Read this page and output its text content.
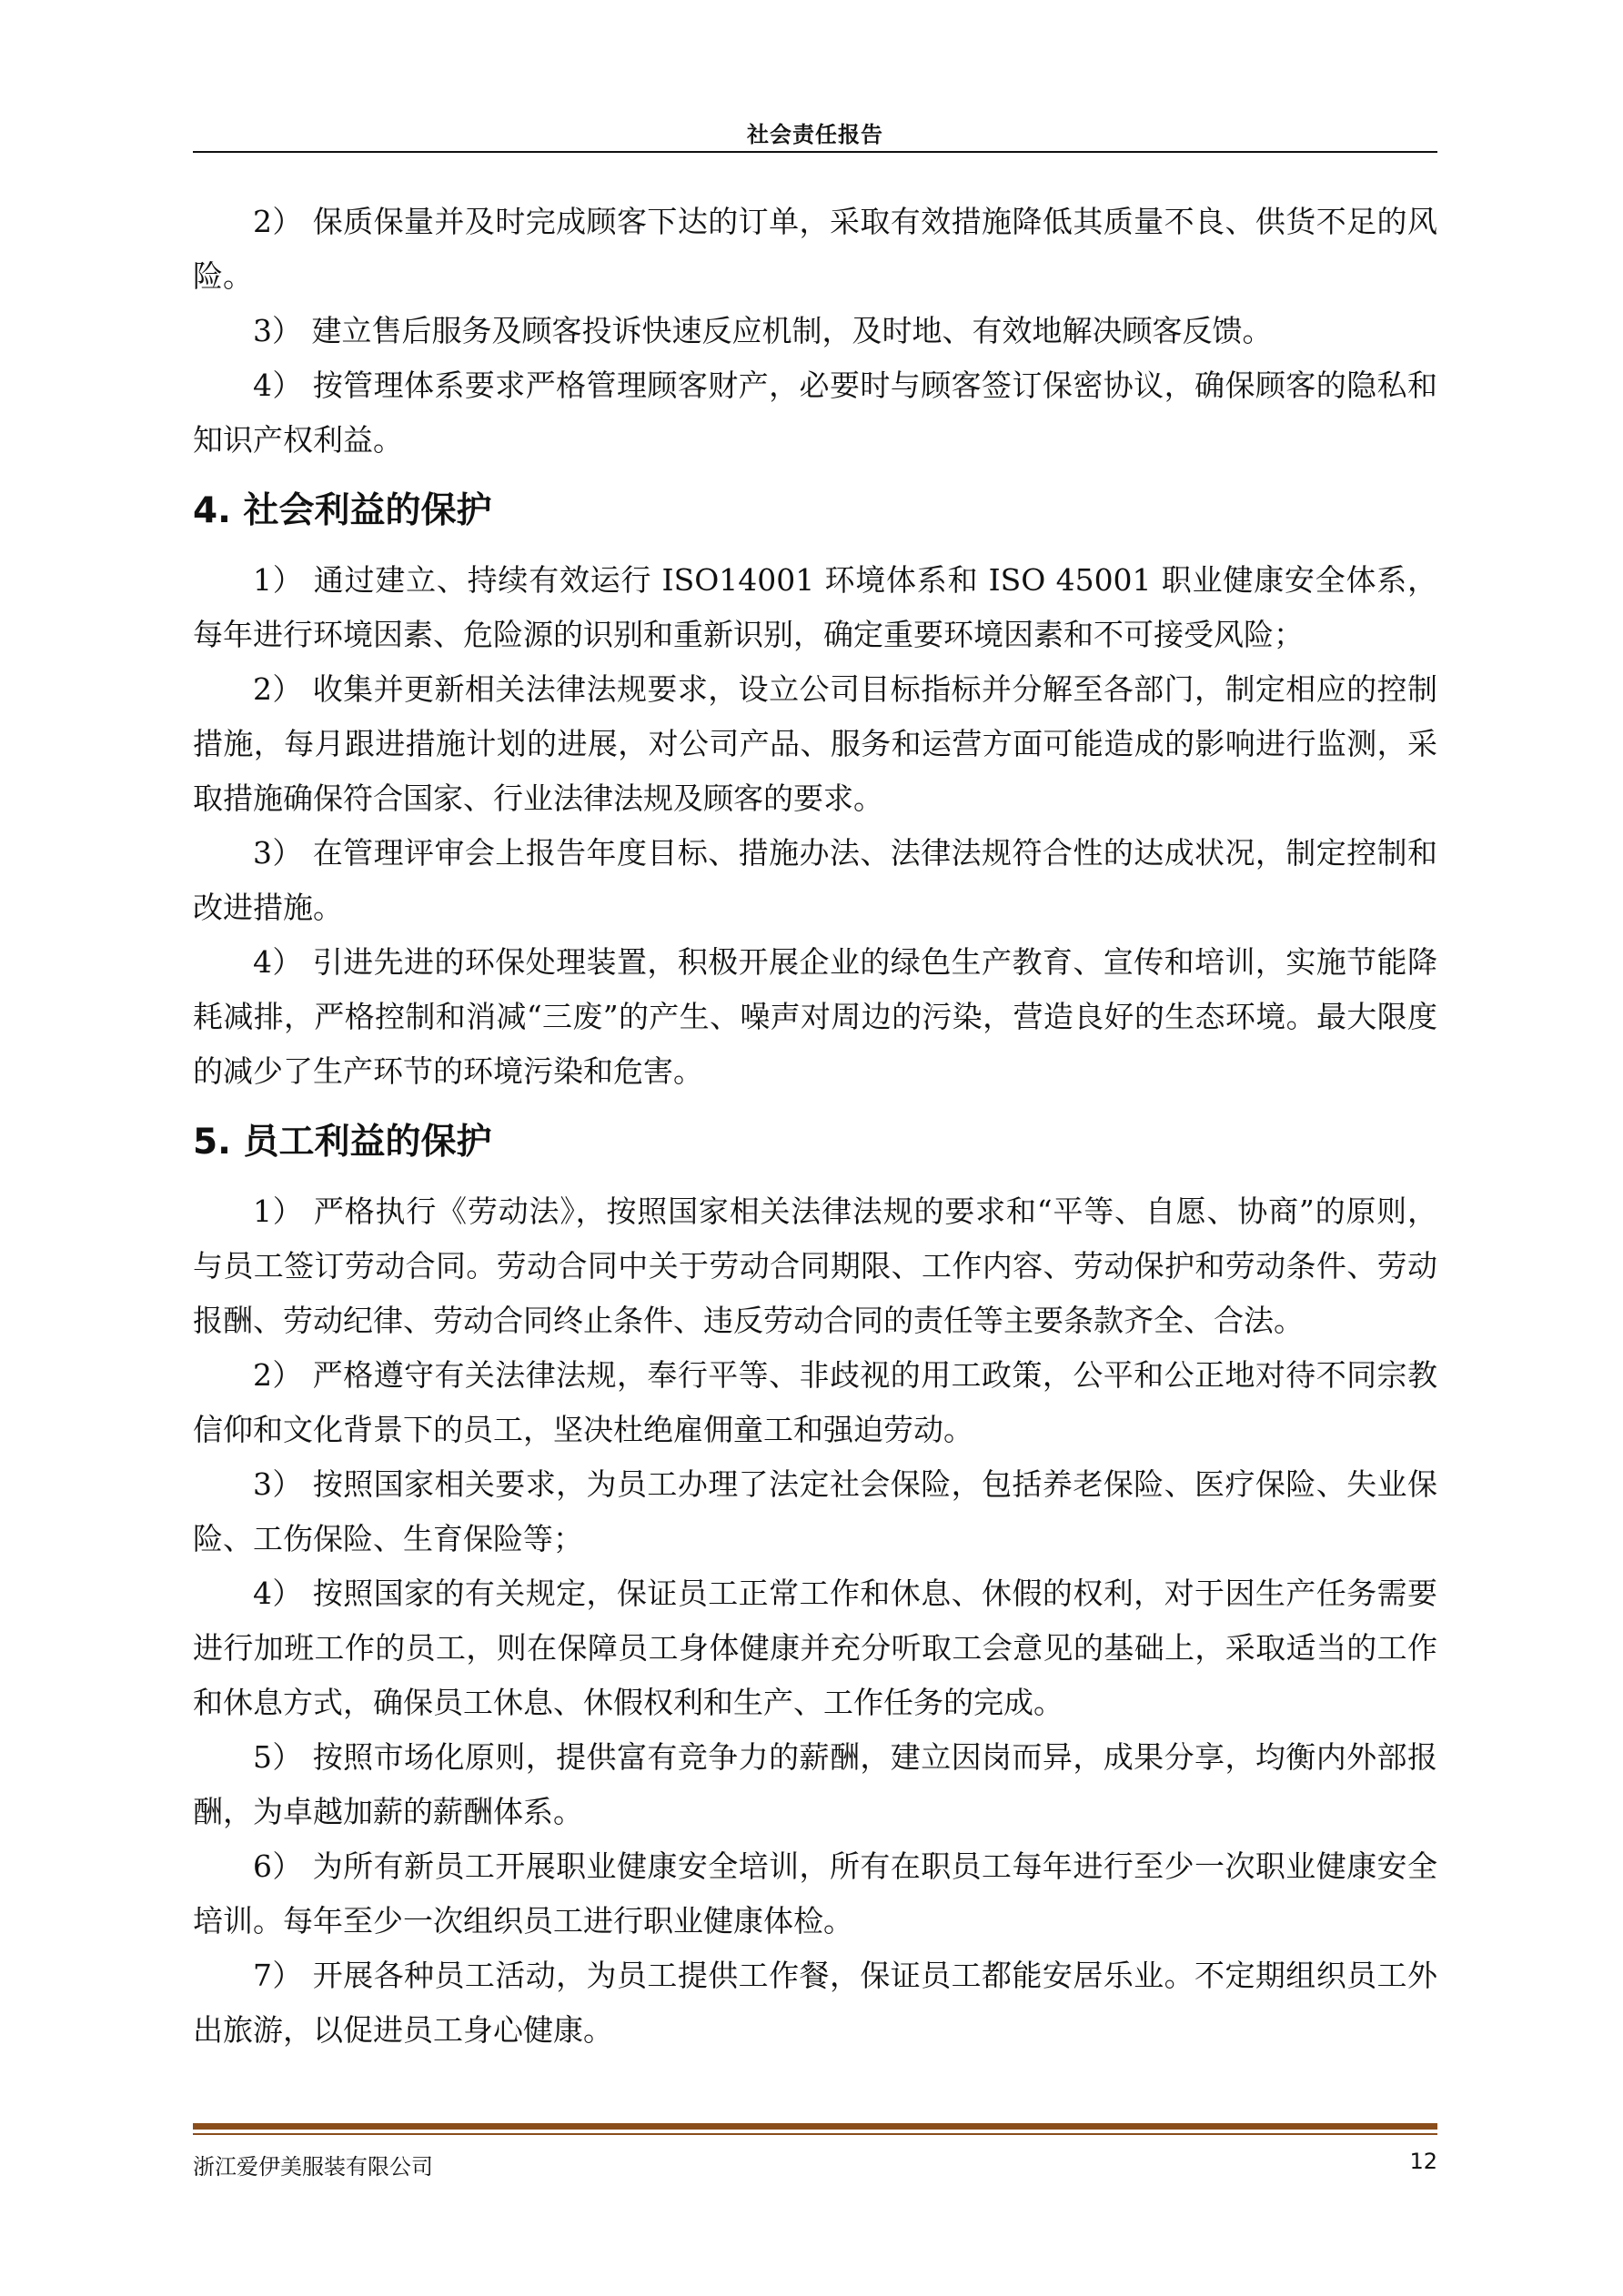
社会责任报告

2） 保质保量并及时完成顾客下达的订单，采取有效措施降低其质量不良、供货不足的风险。

3） 建立售后服务及顾客投诉快速反应机制，及时地、有效地解决顾客反馈。

4） 按管理体系要求严格管理顾客财产，必要时与顾客签订保密协议，确保顾客的隐私和知识产权利益。

4. 社会利益的保护

1） 通过建立、持续有效运行 ISO14001 环境体系和 ISO 45001 职业健康安全体系，每年进行环境因素、危险源的识别和重新识别，确定重要环境因素和不可接受风险；

2） 收集并更新相关法律法规要求，设立公司目标指标并分解至各部门，制定相应的控制措施，每月跟进措施计划的进展，对公司产品、服务和运营方面可能造成的影响进行监测，采取措施确保符合国家、行业法律法规及顾客的要求。

3） 在管理评审会上报告年度目标、措施办法、法律法规符合性的达成状况，制定控制和改进措施。

4） 引进先进的环保处理装置，积极开展企业的绿色生产教育、宣传和培训，实施节能降耗减排，严格控制和消减“三废”的产生、噪声对周边的污染，营造良好的生态环境。最大限度的减少了生产环节的环境污染和危害。

5. 员工利益的保护

1） 严格执行《劳动法》，按照国家相关法律法规的要求和“平等、自愿、协商”的原则，与员工签订劳动合同。劳动合同中关于劳动合同期限、工作内容、劳动保护和劳动条件、劳动报酬、劳动纪律、劳动合同终止条件、违反劳动合同的责任等主要条款齐全、合法。

2） 严格遵守有关法律法规，奉行平等、非歧视的用工政策，公平和公正地对待不同宗教信仰和文化背景下的员工，坚决杜绝雇佣童工和强迫劳动。

3） 按照国家相关要求，为员工办理了法定社会保险，包括养老保险、医疗保险、失业保险、工伤保险、生育保险等；

4） 按照国家的有关规定，保证员工正常工作和休息、休假的权利，对于因生产任务需要进行加班工作的员工，则在保障员工身体健康并充分听取工会意见的基础上，采取适当的工作和休息方式，确保员工休息、休假权利和生产、工作任务的完成。

5） 按照市场化原则，提供富有竞争力的薪酬，建立因岗而异，成果分享，均衡内外部报酬，为卓越加薪的薪酬体系。

6） 为所有新员工开展职业健康安全培训，所有在职员工每年进行至少一次职业健康安全培训。每年至少一次组织员工进行职业健康体检。

7） 开展各种员工活动，为员工提供工作餐，保证员工都能安居乐业。不定期组织员工外出旅游，以促进员工身心健康。

浙江爱伊美服装有限公司	12
